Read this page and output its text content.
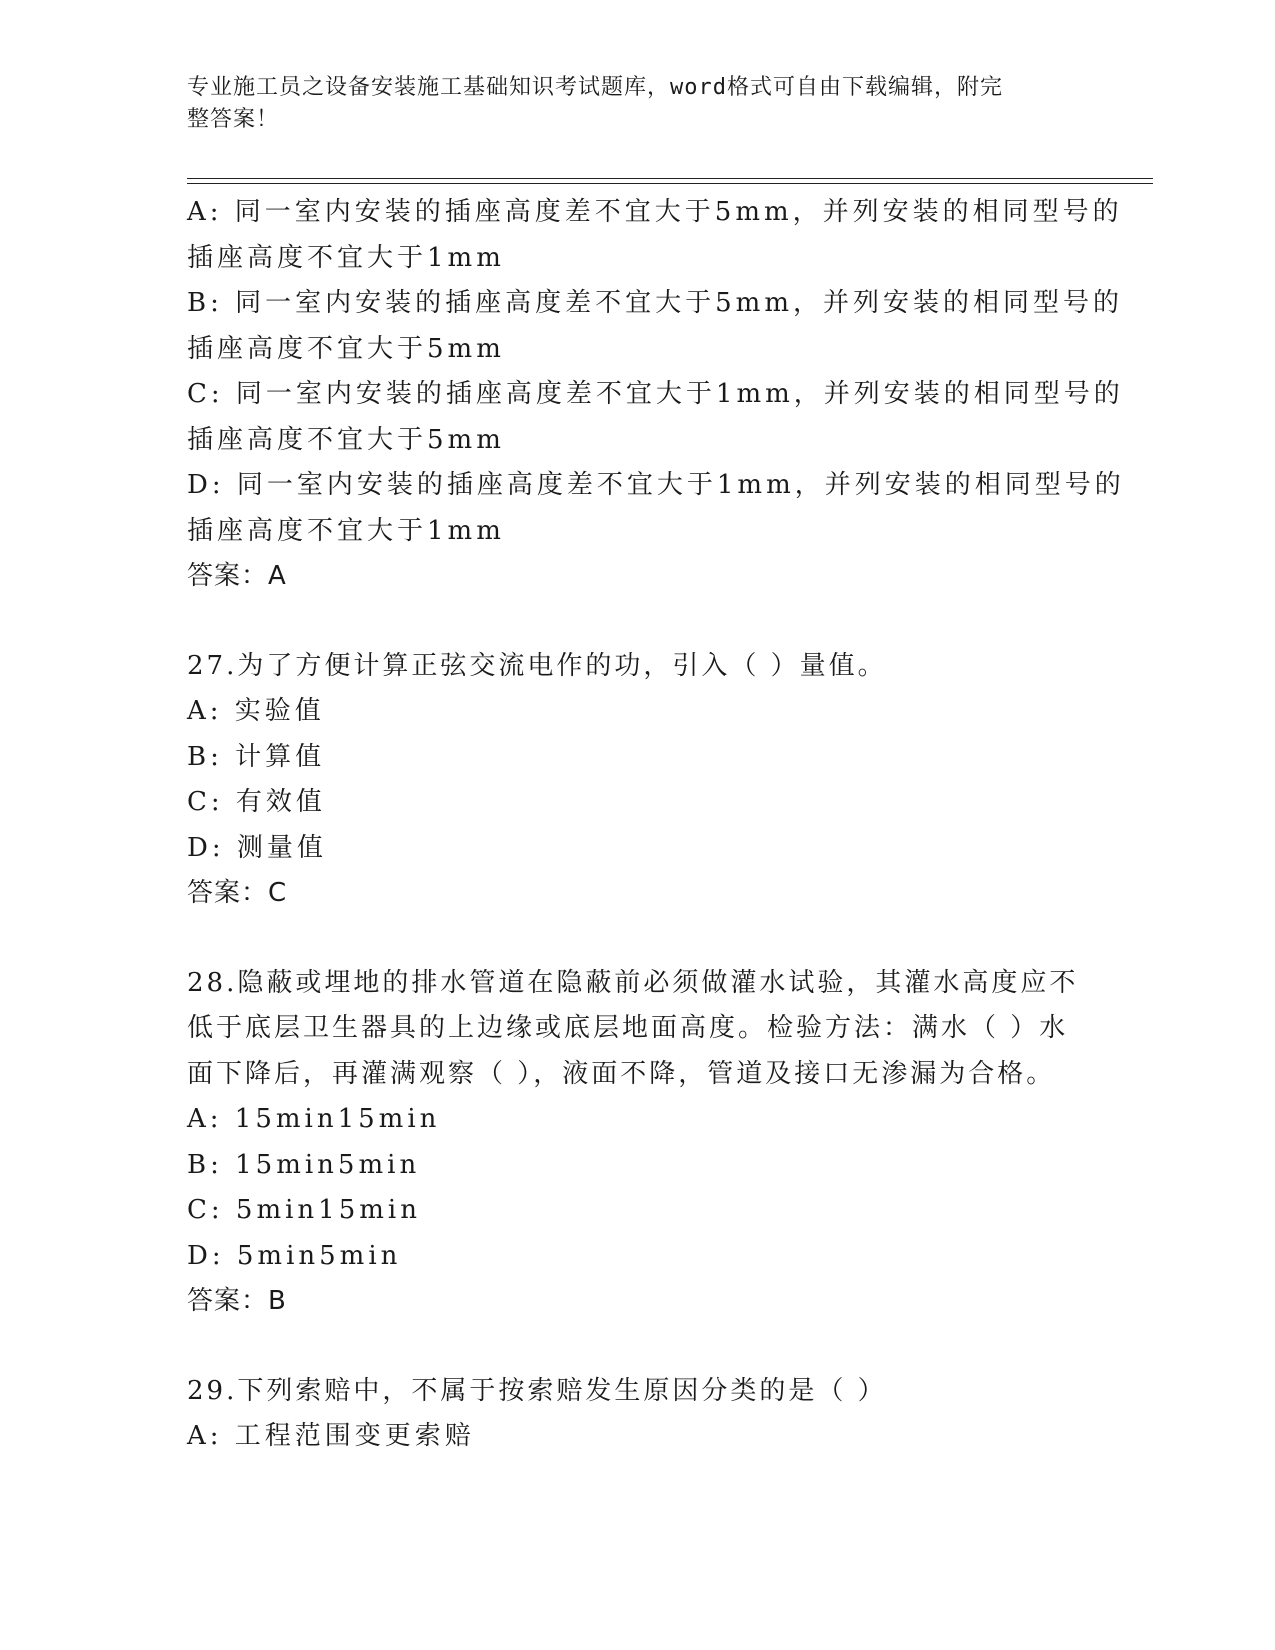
专业施工员之设备安装施工基础知识考试题库，word格式可自由下载编辑，附完
整答案！
A: 同一室内安装的插座高度差不宜大于5mm，并列安装的相同型号的
插座高度不宜大于1mm
B: 同一室内安装的插座高度差不宜大于5mm，并列安装的相同型号的
插座高度不宜大于5mm
C: 同一室内安装的插座高度差不宜大于1mm，并列安装的相同型号的
插座高度不宜大于5mm
D: 同一室内安装的插座高度差不宜大于1mm，并列安装的相同型号的
插座高度不宜大于1mm
答案：A
27.为了方便计算正弦交流电作的功，引入（ ）量值。
A: 实验值
B: 计算值
C: 有效值
D: 测量值
答案：C
28.隐蔽或埋地的排水管道在隐蔽前必须做灌水试验，其灌水高度应不
低于底层卫生器具的上边缘或底层地面高度。检验方法：满水（ ）水
面下降后，再灌满观察（ ），液面不降，管道及接口无渗漏为合格。
A: 15min15min
B: 15min5min
C: 5min15min
D: 5min5min
答案：B
29.下列索赔中，不属于按索赔发生原因分类的是（ ）
A: 工程范围变更索赔
